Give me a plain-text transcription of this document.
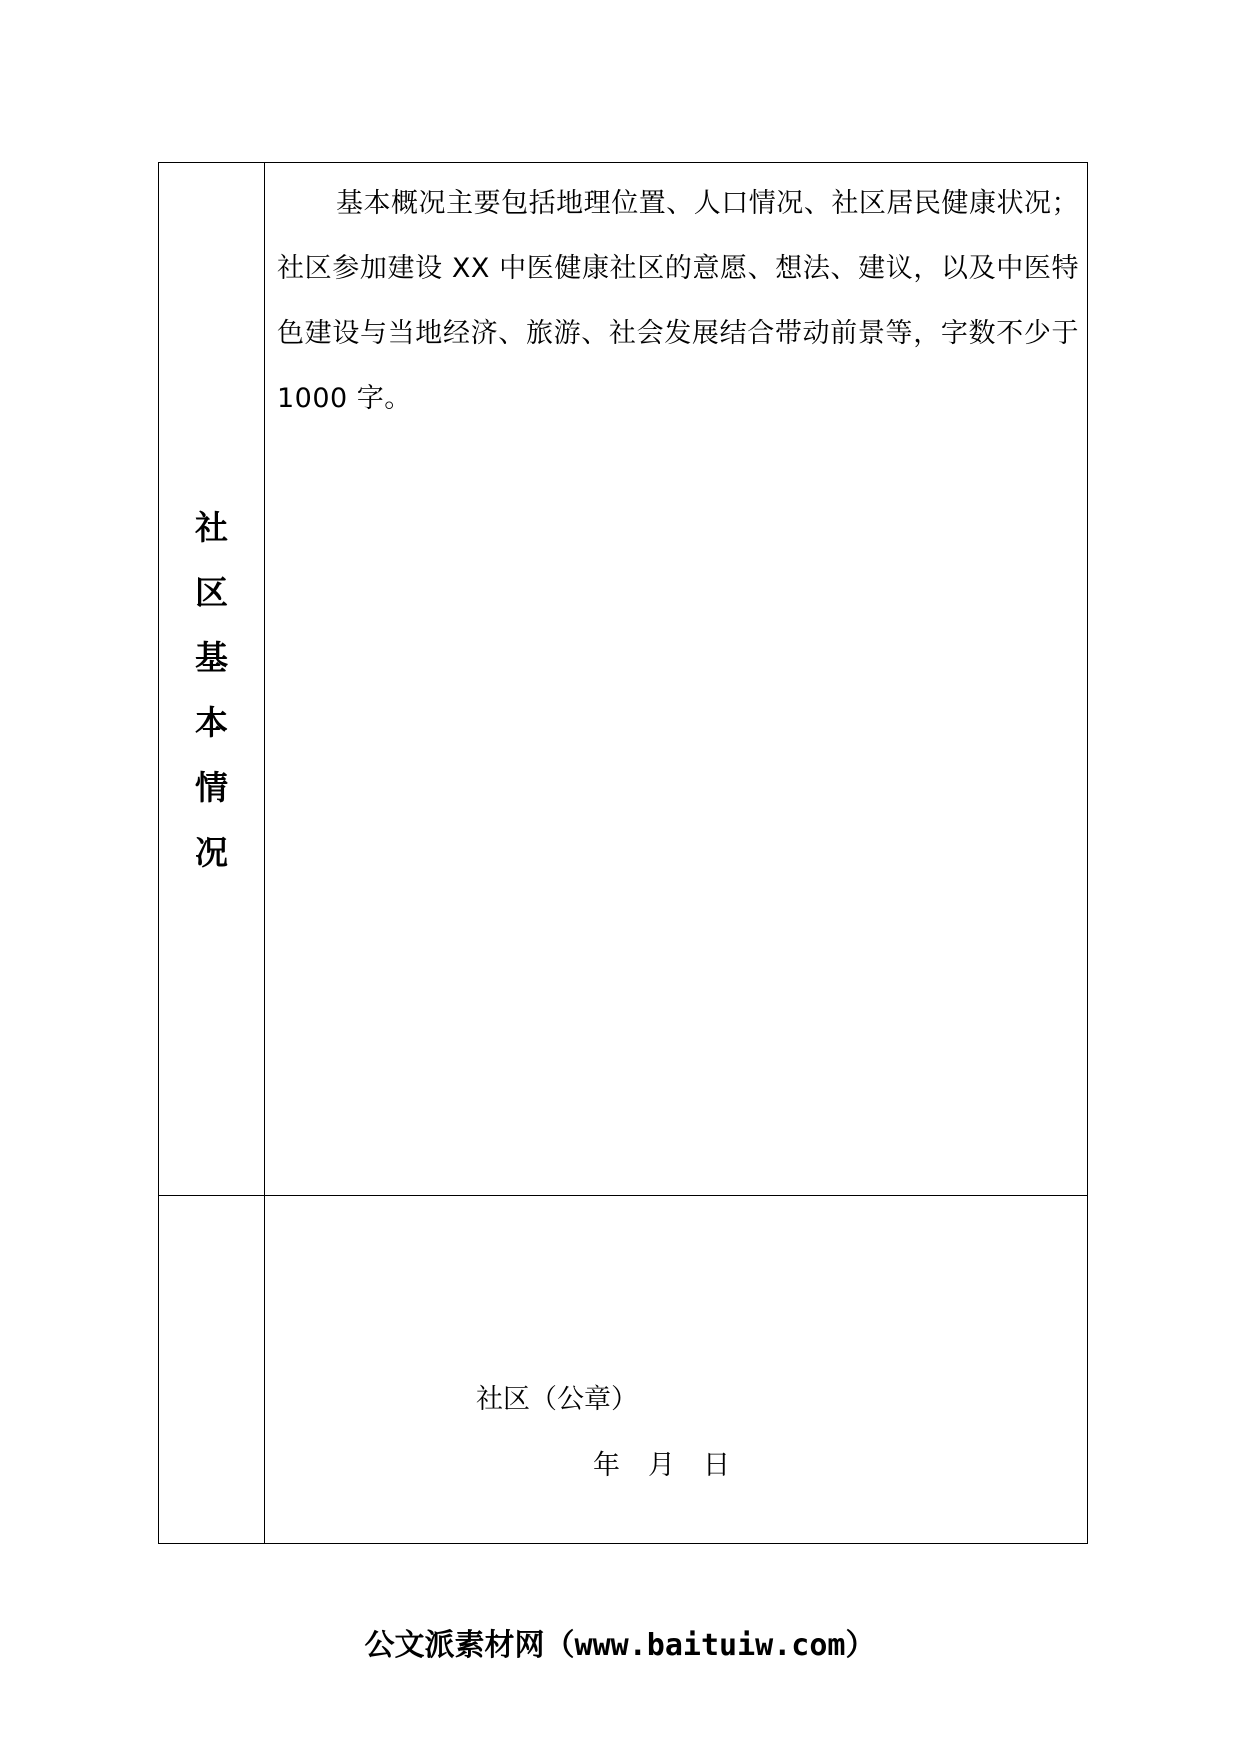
社
区
基
本
情
况

基本概况主要包括地理位置、人口情况、社区居民健康状况；社区参加建设 XX 中医健康社区的意愿、想法、建议，以及中医特色建设与当地经济、旅游、社会发展结合带动前景等，字数不少于 1000 字。

社区（公章）
年 月 日
公文派素材网（www.baituiw.com）
